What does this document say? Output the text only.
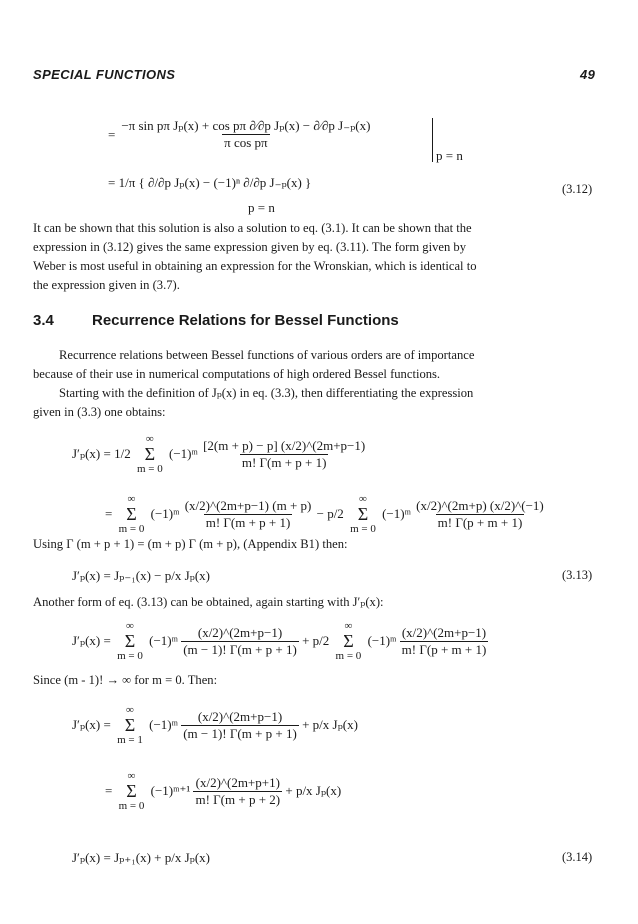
SPECIAL FUNCTIONS	49
= $\frac{\text{−π sin pπ Jₚ(x) + cos pπ ∂⁄∂p Jₚ(x) − ∂⁄∂p J₋ₚ(x)}}{\text{π cos pπ}}$
p = n
= 1/π { ∂/∂p Jₚ(x) − (−1)ⁿ ∂/∂p J₋ₚ(x) }
p = n
(3.12)
It can be shown that this solution is also a solution to eq. (3.1). It can be shown that the
expression in (3.12) gives the same expression given by eq. (3.11). The form given by
Weber is most useful in obtaining an expression for the Wronskian, which is identical to
the expression given in (3.7).
3.4	Recurrence Relations for Bessel Functions
Recurrence relations between Bessel functions of various orders are of importance
because of their use in numerical computations of high ordered Bessel functions.
Starting with the definition of Jₚ(x) in eq. (3.3), then differentiating the expression
given in (3.3) one obtains:
J′ₚ(x) = 1/2
∞
Σ
m = 0
(−1)ᵐ $\frac{[2(m + p) - p] (x/2)\^{}(2m+p-1)}{m! \Gamma(m + p + 1)}$
=
∞
Σ
m = 0
(−1)ᵐ $\frac{(x/2)\^{}(2m+p-1) (m + p)}{m! \Gamma(m + p + 1)} - p/2$
∞
Σ
m = 0
(−1)ᵐ $\frac{(x/2)\^{}(2m+p) (x/2)\^{}(-1)}{m! \Gamma(p + m + 1)}$
Using Γ (m + p + 1) = (m + p) Γ (m + p), (Appendix B1) then:
J′ₚ(x) = Jₚ₋₁(x) − p/x Jₚ(x)	(3.13)
Another form of eq. (3.13) can be obtained, again starting with J′ₚ(x):
J′ₚ(x) =
∞
Σ
m = 0
(−1)ᵐ $\frac{(x/2)\^{}(2m+p-1)}{(m - 1)! \Gamma(m + p + 1)} + p/2$
∞
Σ
m = 0
(−1)ᵐ $\frac{(x/2)\^{}(2m+p-1)}{m! \Gamma(p + m + 1)}$
Since (m - 1)! → ∞ for m = 0. Then:
J′ₚ(x) =
∞
Σ
m = 1
(−1)ᵐ $\frac{(x/2)\^{}(2m+p-1)}{(m - 1)! \Gamma(m + p + 1)} + p/x$ Jₚ(x)
=
∞
Σ
m = 0
(−1)ᵐ⁺¹ $\frac{(x/2)\^{}(2m+p+1)}{m! \Gamma(m + p + 2)} + p/x$ Jₚ(x)
J′ₚ(x) = Jₚ₊₁(x) + p/x Jₚ(x)	(3.14)
